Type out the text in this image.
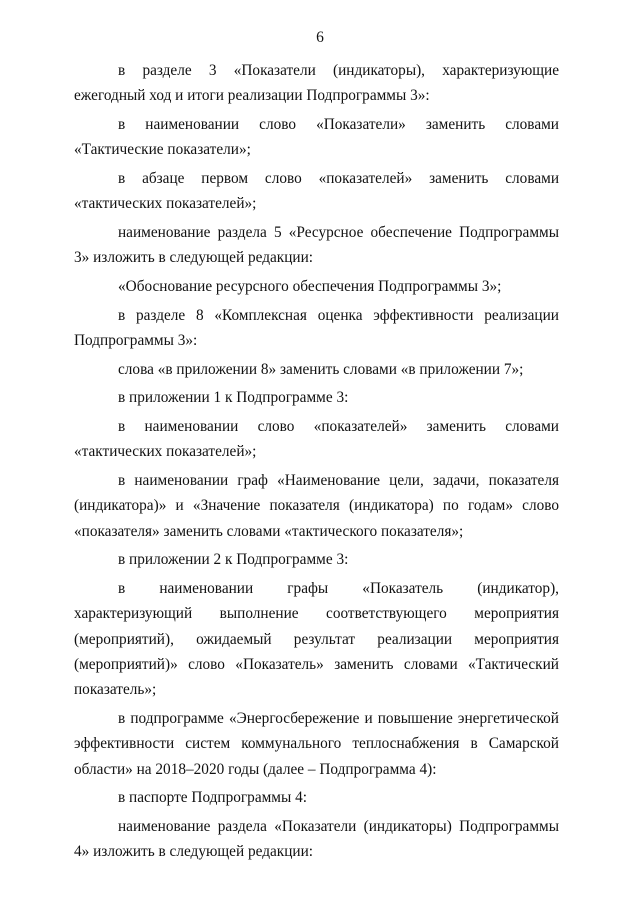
6

в разделе 3 «Показатели (индикаторы), характеризующие ежегодный ход и итоги реализации Подпрограммы 3»:

в наименовании слово «Показатели» заменить словами «Тактические показатели»;

в абзаце первом слово «показателей» заменить словами «тактических показателей»;

наименование раздела 5 «Ресурсное обеспечение Подпрограммы 3» изложить в следующей редакции:

«Обоснование ресурсного обеспечения Подпрограммы 3»;

в разделе 8 «Комплексная оценка эффективности реализации Подпрограммы 3»:

слова «в приложении 8» заменить словами «в приложении 7»;

в приложении 1 к Подпрограмме 3:

в наименовании слово «показателей» заменить словами «тактических показателей»;

в наименовании граф «Наименование цели, задачи, показателя (индикатора)» и «Значение показателя (индикатора) по годам» слово «показателя» заменить словами «тактического показателя»;

в приложении 2 к Подпрограмме 3:

в наименовании графы «Показатель (индикатор), характеризующий выполнение соответствующего мероприятия (мероприятий), ожидаемый результат реализации мероприятия (мероприятий)» слово «Показатель» заменить словами «Тактический показатель»;

в подпрограмме «Энергосбережение и повышение энергетической эффективности систем коммунального теплоснабжения в Самарской области» на 2018–2020 годы (далее – Подпрограмма 4):

в паспорте Подпрограммы 4:

наименование раздела «Показатели (индикаторы) Подпрограммы 4» изложить в следующей редакции:
